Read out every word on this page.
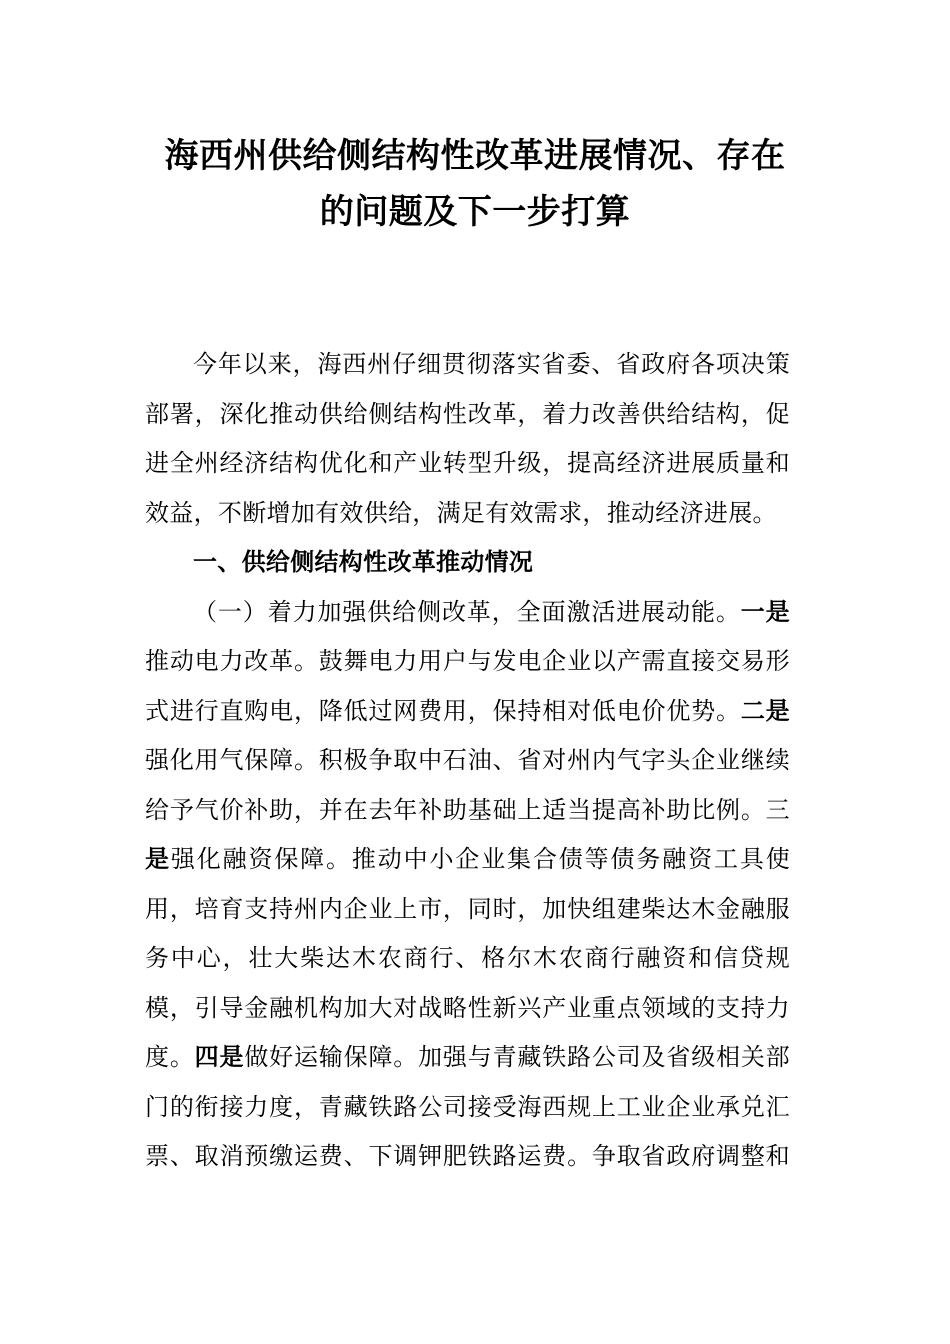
海西州供给侧结构性改革进展情况、存在
的问题及下一步打算
今年以来，海西州仔细贯彻落实省委、省政府各项决策
部署，深化推动供给侧结构性改革，着力改善供给结构，促
进全州经济结构优化和产业转型升级，提高经济进展质量和
效益，不断增加有效供给，满足有效需求，推动经济进展。
一、供给侧结构性改革推动情况
（一）着力加强供给侧改革，全面激活进展动能。一是
推动电力改革。鼓舞电力用户与发电企业以产需直接交易形
式进行直购电，降低过网费用，保持相对低电价优势。二是
强化用气保障。积极争取中石油、省对州内气字头企业继续
给予气价补助，并在去年补助基础上适当提高补助比例。三
是强化融资保障。推动中小企业集合债等债务融资工具使
用，培育支持州内企业上市，同时，加快组建柴达木金融服
务中心，壮大柴达木农商行、格尔木农商行融资和信贷规
模，引导金融机构加大对战略性新兴产业重点领域的支持力
度。四是做好运输保障。加强与青藏铁路公司及省级相关部
门的衔接力度，青藏铁路公司接受海西规上工业企业承兑汇
票、取消预缴运费、下调钾肥铁路运费。争取省政府调整和
